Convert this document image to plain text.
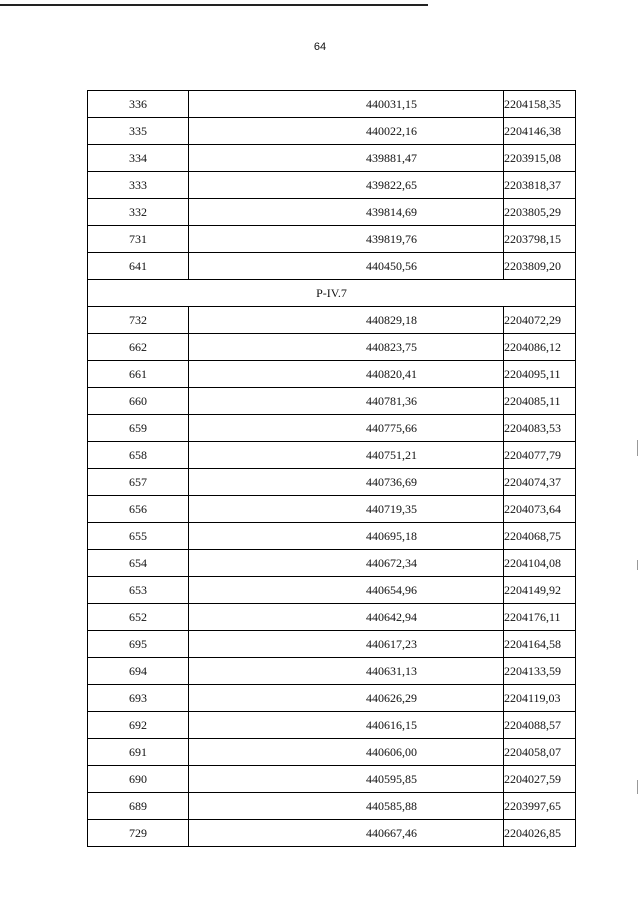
64
336	440031,15	2204158,35
335	440022,16	2204146,38
334	439881,47	2203915,08
333	439822,65	2203818,37
332	439814,69	2203805,29
731	439819,76	2203798,15
641	440450,56	2203809,20
P-IV.7		
732	440829,18	2204072,29
662	440823,75	2204086,12
661	440820,41	2204095,11
660	440781,36	2204085,11
659	440775,66	2204083,53
658	440751,21	2204077,79
657	440736,69	2204074,37
656	440719,35	2204073,64
655	440695,18	2204068,75
654	440672,34	2204104,08
653	440654,96	2204149,92
652	440642,94	2204176,11
695	440617,23	2204164,58
694	440631,13	2204133,59
693	440626,29	2204119,03
692	440616,15	2204088,57
691	440606,00	2204058,07
690	440595,85	2204027,59
689	440585,88	2203997,65
729	440667,46	2204026,85
